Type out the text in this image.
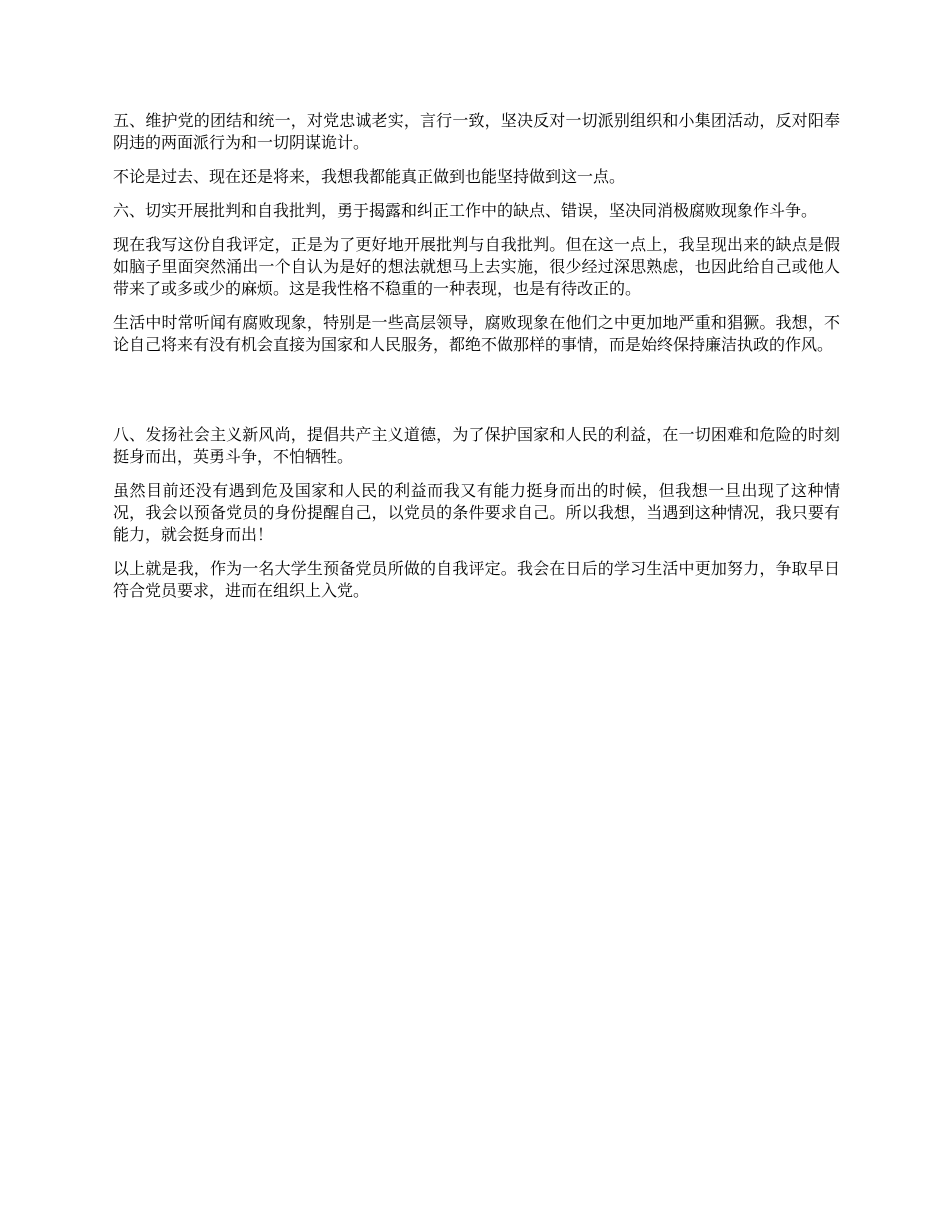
五、维护党的团结和统一，对党忠诚老实，言行一致，坚决反对一切派别组织和小集团活动，反对阳奉阴违的两面派行为和一切阴谋诡计。

不论是过去、现在还是将来，我想我都能真正做到也能坚持做到这一点。

六、切实开展批判和自我批判，勇于揭露和纠正工作中的缺点、错误，坚决同消极腐败现象作斗争。

现在我写这份自我评定，正是为了更好地开展批判与自我批判。但在这一点上，我呈现出来的缺点是假如脑子里面突然涌出一个自认为是好的想法就想马上去实施，很少经过深思熟虑，也因此给自己或他人带来了或多或少的麻烦。这是我性格不稳重的一种表现，也是有待改正的。

生活中时常听闻有腐败现象，特别是一些高层领导，腐败现象在他们之中更加地严重和猖獗。我想，不论自己将来有没有机会直接为国家和人民服务，都绝不做那样的事情，而是始终保持廉洁执政的作风。

八、发扬社会主义新风尚，提倡共产主义道德，为了保护国家和人民的利益，在一切困难和危险的时刻挺身而出，英勇斗争，不怕牺牲。

虽然目前还没有遇到危及国家和人民的利益而我又有能力挺身而出的时候，但我想一旦出现了这种情况，我会以预备党员的身份提醒自己，以党员的条件要求自己。所以我想，当遇到这种情况，我只要有能力，就会挺身而出！

以上就是我，作为一名大学生预备党员所做的自我评定。我会在日后的学习生活中更加努力，争取早日符合党员要求，进而在组织上入党。
